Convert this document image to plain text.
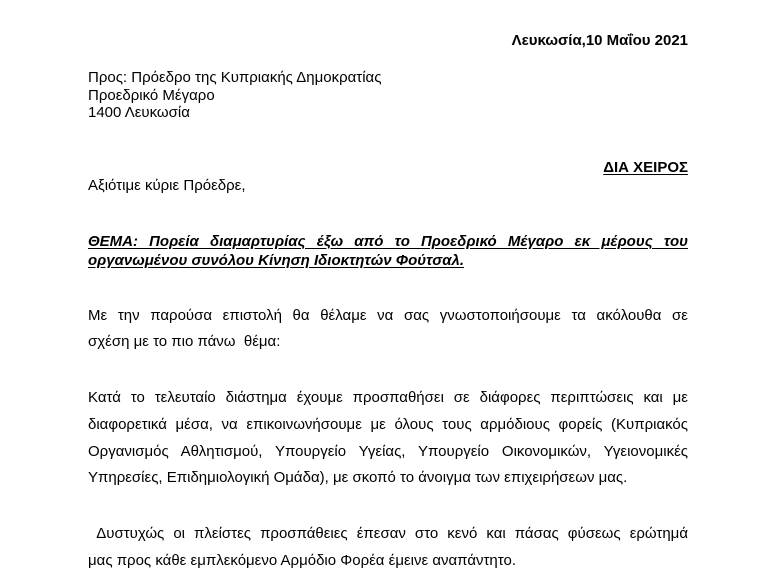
Λευκωσία,10 Μαΐου 2021
Προς: Πρόεδρο της Κυπριακής Δημοκρατίας
Προεδρικό Μέγαρο
1400 Λευκωσία

ΔΙΑ ΧΕΙΡΟΣ

Αξιότιμε κύριε Πρόεδρε,
ΘΕΜΑ: Πορεία διαμαρτυρίας έξω από το Προεδρικό Μέγαρο εκ μέρους του
οργανωμένου συνόλου Κίνηση Ιδιοκτητών Φούτσαλ.
Με την παρούσα επιστολή θα θέλαμε να σας γνωστοποιήσουμε τα ακόλουθα σε
σχέση με το πιο πάνω  θέμα:
Κατά το τελευταίο διάστημα έχουμε προσπαθήσει σε διάφορες περιπτώσεις και με
διαφορετικά μέσα, να επικοινωνήσουμε με όλους τους αρμόδιους φορείς (Κυπριακός
Οργανισμός Αθλητισμού, Υπουργείο Υγείας, Υπουργείο Οικονομικών, Υγειονομικές
Υπηρεσίες, Επιδημιολογική Ομάδα), με σκοπό το άνοιγμα των επιχειρήσεων μας.
Δυστυχώς οι πλείστες προσπάθειες έπεσαν στο κενό και πάσας φύσεως ερώτημά
μας προς κάθε εμπλεκόμενο Αρμόδιο Φορέα έμεινε αναπάντητο.
